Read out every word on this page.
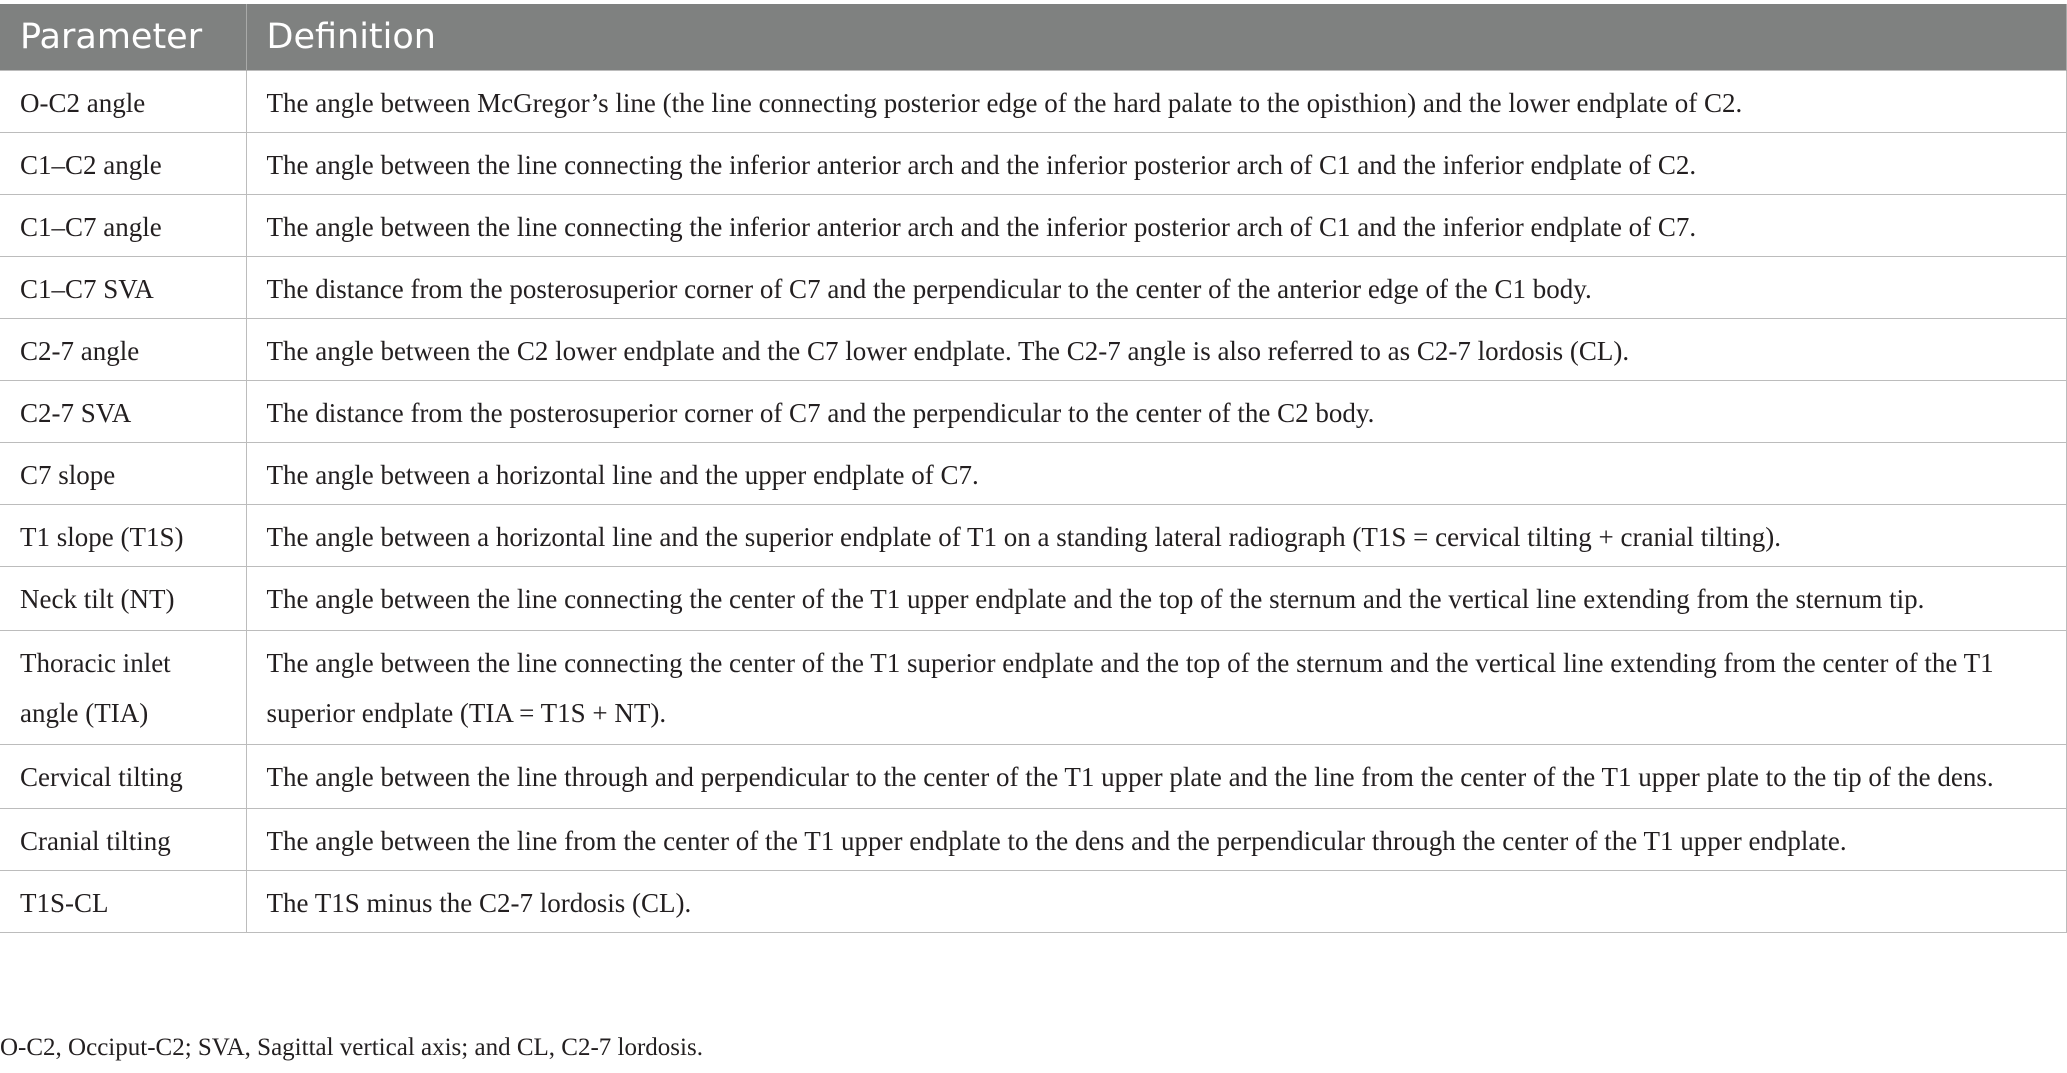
Parameter	Definition
O-C2 angle	The angle between McGregor’s line (the line connecting posterior edge of the hard palate to the opisthion) and the lower endplate of C2.
C1–C2 angle	The angle between the line connecting the inferior anterior arch and the inferior posterior arch of C1 and the inferior endplate of C2.
C1–C7 angle	The angle between the line connecting the inferior anterior arch and the inferior posterior arch of C1 and the inferior endplate of C7.
C1–C7 SVA	The distance from the posterosuperior corner of C7 and the perpendicular to the center of the anterior edge of the C1 body.
C2-7 angle	The angle between the C2 lower endplate and the C7 lower endplate. The C2-7 angle is also referred to as C2-7 lordosis (CL).
C2-7 SVA	The distance from the posterosuperior corner of C7 and the perpendicular to the center of the C2 body.
C7 slope	The angle between a horizontal line and the upper endplate of C7.
T1 slope (T1S)	The angle between a horizontal line and the superior endplate of T1 on a standing lateral radiograph (T1S = cervical tilting + cranial tilting).
Neck tilt (NT)	The angle between the line connecting the center of the T1 upper endplate and the top of the sternum and the vertical line extending from the sternum tip.
Thoracic inlet angle (TIA)	The angle between the line connecting the center of the T1 superior endplate and the top of the sternum and the vertical line extending from the center of the T1 superior endplate (TIA = T1S + NT).
Cervical tilting	The angle between the line through and perpendicular to the center of the T1 upper plate and the line from the center of the T1 upper plate to the tip of the dens.
Cranial tilting	The angle between the line from the center of the T1 upper endplate to the dens and the perpendicular through the center of the T1 upper endplate.
T1S-CL	The T1S minus the C2-7 lordosis (CL).
O-C2, Occiput-C2; SVA, Sagittal vertical axis; and CL, C2-7 lordosis.
